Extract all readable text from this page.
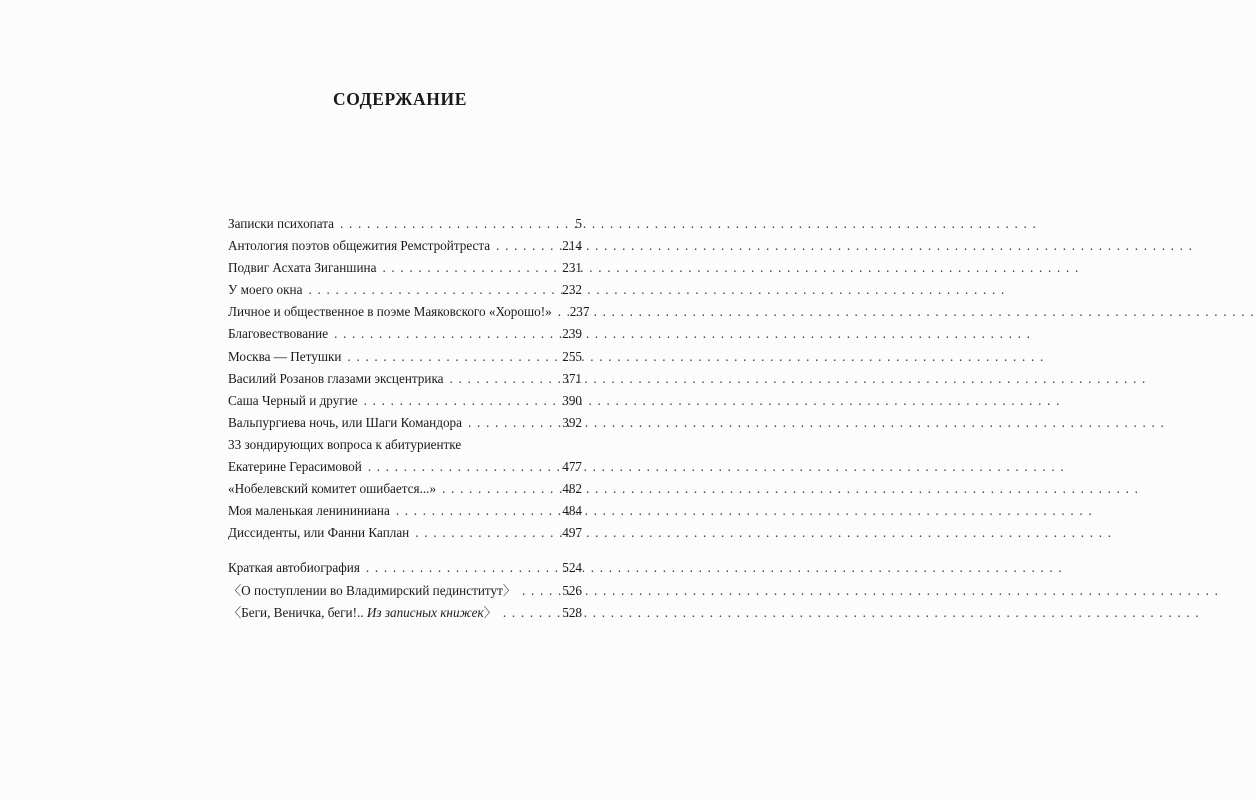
СОДЕРЖАНИЕ
Записки психопата . . .	5
Антология поэтов общежития Ремстройтреста . . .	214
Подвиг Асхата Зиганшина . . .	231
У моего окна . . .	232
Личное и общественное в поэме Маяковского «Хорошо!» . . . 237
Благовествование . . .	239
Москва — Петушки . . .	255
Василий Розанов глазами эксцентрика . . .	371
Саша Черный и другие . . .	390
Вальпургиева ночь, или Шаги Командора . . .	392
33 зондирующих вопроса к абитуриентке
Екатерине Герасимовой . . .	477
«Нобелевский комитет ошибается...» . . .	482
Моя маленькая ленининиана . . .	484
Диссиденты, или Фанни Каплан . . .	497
Краткая автобиография . . .	524
〈О поступлении во Владимирский пединститут〉 . . .	526
〈Беги, Веничка, беги!.. Из записных книжек〉 . . .	528
